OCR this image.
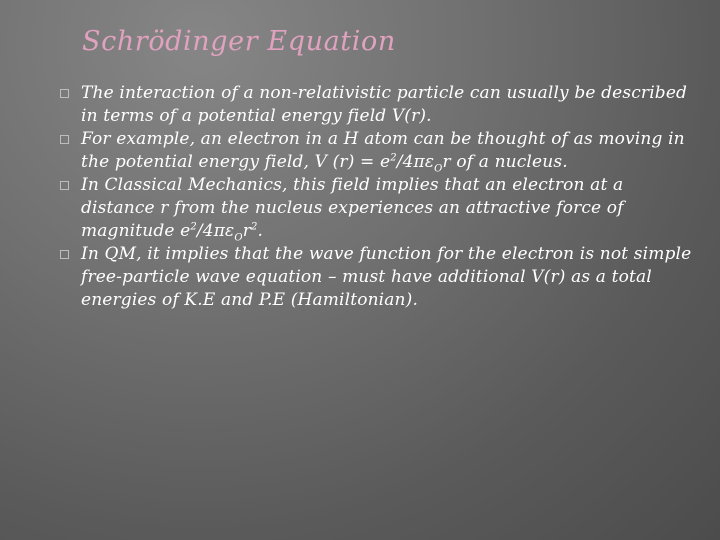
Schrödinger Equation
The interaction of a non-relativistic particle can usually be described in terms of a potential energy field V(r).
For example, an electron in a H atom can be thought of as moving in the potential energy field, V $(r) = e^2/4\pi\varepsilon_Or$ of a nucleus.
In Classical Mechanics, this field implies that an electron at a distance r from the nucleus experiences an attractive force of magnitude $e^2/4\pi\varepsilon_Or^2$.
In QM, it implies that the wave function for the electron is not simple free-particle wave equation – must have additional V(r) as a total energies of K.E and P.E (Hamiltonian).
